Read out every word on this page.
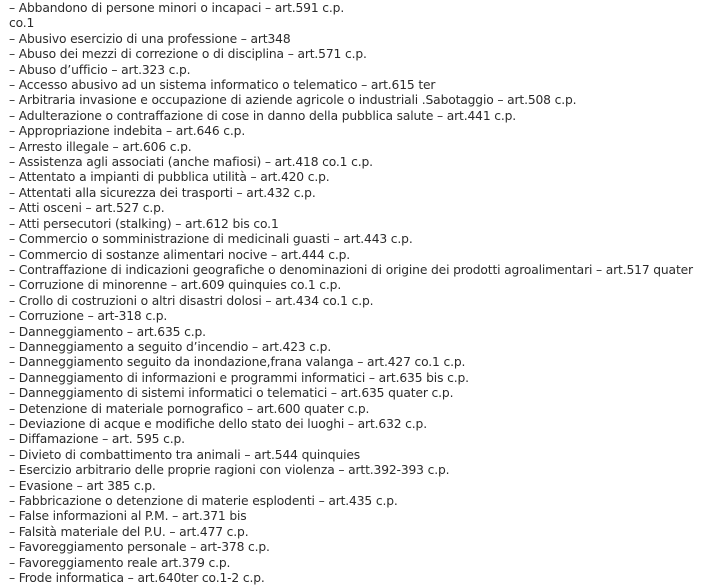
– Abbandono di persone minori o incapaci – art.591 c.p.
co.1
– Abusivo esercizio di una professione – art348
– Abuso dei mezzi di correzione o di disciplina – art.571 c.p.
– Abuso d’ufficio – art.323 c.p.
– Accesso abusivo ad un sistema informatico o telematico – art.615 ter
– Arbitraria invasione e occupazione di aziende agricole o industriali .Sabotaggio – art.508 c.p.
– Adulterazione o contraffazione di cose in danno della pubblica salute – art.441 c.p.
– Appropriazione indebita – art.646 c.p.
– Arresto illegale – art.606 c.p.
– Assistenza agli associati (anche mafiosi) – art.418 co.1 c.p.
– Attentato a impianti di pubblica utilità – art.420 c.p.
– Attentati alla sicurezza dei trasporti – art.432 c.p.
– Atti osceni – art.527 c.p.
– Atti persecutori (stalking) – art.612 bis co.1
– Commercio o somministrazione di medicinali guasti – art.443 c.p.
– Commercio di sostanze alimentari nocive – art.444 c.p.
– Contraffazione di indicazioni geografiche o denominazioni di origine dei prodotti agroalimentari – art.517 quater
– Corruzione di minorenne – art.609 quinquies co.1 c.p.
– Crollo di costruzioni o altri disastri dolosi – art.434 co.1 c.p.
– Corruzione – art-318 c.p.
– Danneggiamento – art.635 c.p.
– Danneggiamento a seguito d’incendio – art.423 c.p.
– Danneggiamento seguito da inondazione,frana valanga – art.427 co.1 c.p.
– Danneggiamento di informazioni e programmi informatici – art.635 bis c.p.
– Danneggiamento di sistemi informatici o telematici – art.635 quater c.p.
– Detenzione di materiale pornografico – art.600 quater c.p.
– Deviazione di acque e modifiche dello stato dei luoghi – art.632 c.p.
– Diffamazione – art. 595 c.p.
– Divieto di combattimento tra animali – art.544 quinquies
– Esercizio arbitrario delle proprie ragioni con violenza – artt.392-393 c.p.
– Evasione – art 385 c.p.
– Fabbricazione o detenzione di materie esplodenti – art.435 c.p.
– False informazioni al P.M. – art.371 bis
– Falsità materiale del P.U. – art.477 c.p.
– Favoreggiamento personale – art-378 c.p.
– Favoreggiamento reale art.379 c.p.
– Frode informatica – art.640ter co.1-2 c.p.
